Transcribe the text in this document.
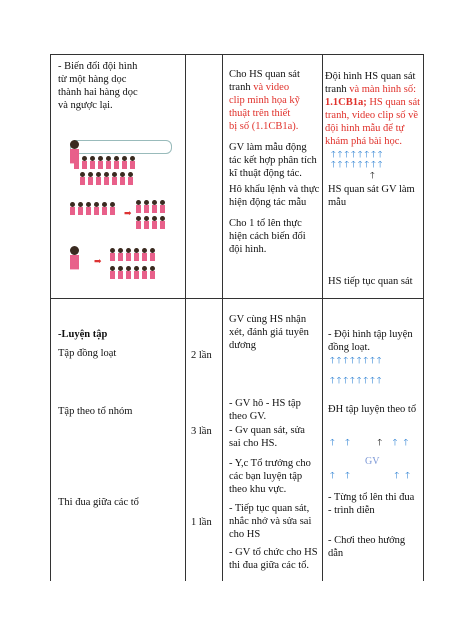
- Biến đổi đội hình
từ một hàng dọc
thành hai hàng dọc
và ngược lại.
➡
➡
-Luyện tập
Tập đồng loạt
Tập theo tổ nhóm
Thi đua giữa các tổ
2 lần
3 lần
1 lần
Cho HS quan sát
tranh và video
clip minh họa kỹ
thuật trên thiết
bị số (1.1CB1a).
GV làm mẫu động
tác kết hợp phân tích
kĩ thuật động tác.
Hô khẩu lệnh và thực
hiện động tác mẫu
Cho 1 tổ lên thực
hiện cách biến đổi
đội hình.
GV cùng HS nhận
xét, đánh giá tuyên
dương
- GV hô - HS tập
theo GV.
- Gv quan sát, sửa
sai cho HS.
- Y,c Tổ trưởng cho
các bạn luyện tập
theo khu vực.
- Tiếp tục quan sát,
nhắc nhở và sửa sai
cho HS
- GV tổ chức cho HS
thi đua giữa các tổ.
Đội hình HS quan sát
tranh và màn hình số:
1.1CB1a; HS quan sát
tranh, video clip số về
đội hình mẫu để tự
khám phá bài học.
🡑🡑🡑🡑🡑🡑🡑🡑
🡑🡑🡑🡑🡑🡑🡑🡑
🡑
HS quan sát GV làm
mẫu
HS tiếp tục quan sát
- Đội hình tập luyện
đồng loạt.
🡑🡑🡑🡑🡑🡑🡑🡑

🡑🡑🡑🡑🡑🡑🡑🡑
ĐH tập luyện theo tổ
🡑  🡑      🡑  🡑 🡑
GV
🡑  🡑          🡑 🡑
- Từng tổ lên thi đua
- trình diễn
- Chơi theo hướng
dẫn
